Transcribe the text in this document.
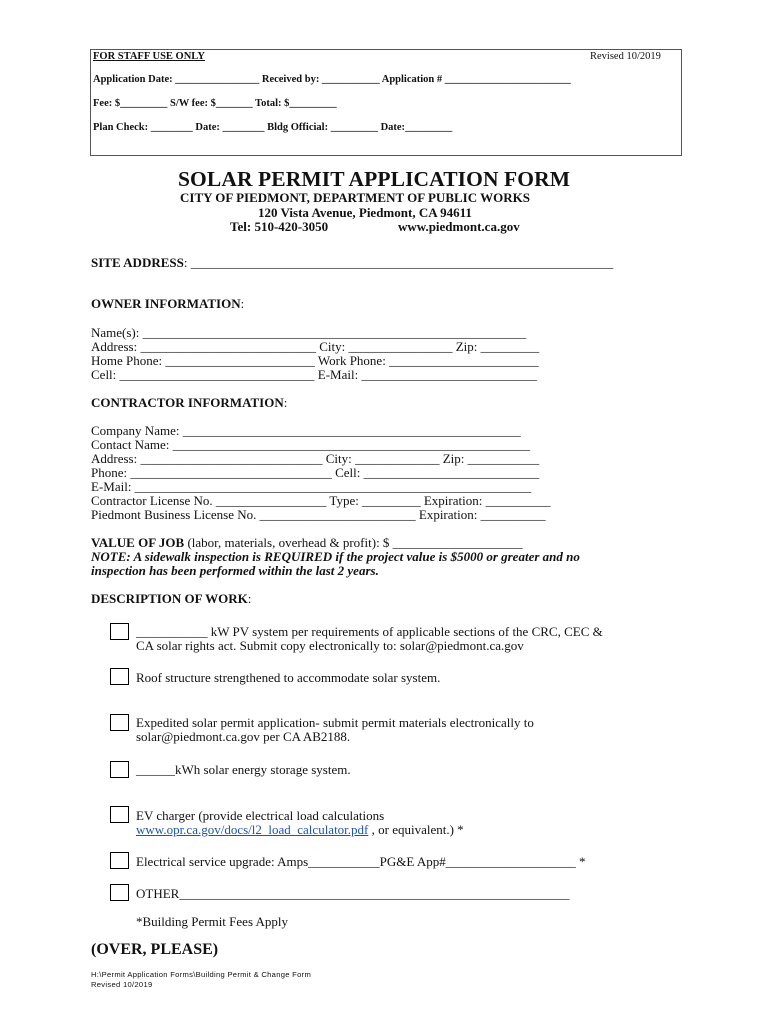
FOR STAFF USE ONLY	Revised 10/2019
Application Date: ________________ Received by: ___________ Application # ________________________
Fee: $_________ S/W fee: $_______ Total: $_________
Plan Check: ________ Date: ________ Bldg Official: _________ Date:_________
SOLAR PERMIT APPLICATION FORM
CITY OF PIEDMONT, DEPARTMENT OF PUBLIC WORKS
120 Vista Avenue, Piedmont, CA 94611
Tel: 510-420-3050	www.piedmont.ca.gov
SITE ADDRESS: _________________________________________________________________
OWNER INFORMATION:
Name(s): ___________________________________________________________
Address: ___________________________ City: ________________ Zip: _________
Home Phone: _______________________ Work Phone: _______________________
Cell: ______________________________ E-Mail: ___________________________
CONTRACTOR INFORMATION:
Company Name: ____________________________________________________
Contact Name: _______________________________________________________
Address: ____________________________ City: _____________ Zip: ___________
Phone: _______________________________ Cell: ___________________________
E-Mail: _____________________________________________________________
Contractor License No. _________________ Type: _________ Expiration: __________
Piedmont Business License No. ________________________ Expiration: __________
VALUE OF JOB (labor, materials, overhead & profit): $ ____________________
NOTE: A sidewalk inspection is REQUIRED if the project value is $5000 or greater and no
inspection has been performed within the last 2 years.
DESCRIPTION OF WORK:
___________ kW PV system per requirements of applicable sections of the CRC, CEC &
CA solar rights act. Submit copy electronically to: solar@piedmont.ca.gov
Roof structure strengthened to accommodate solar system.
Expedited solar permit application- submit permit materials electronically to
solar@piedmont.ca.gov per CA AB2188.
______kWh solar energy storage system.
EV charger (provide electrical load calculations
www.opr.ca.gov/docs/l2_load_calculator.pdf , or equivalent.) *
Electrical service upgrade: Amps___________PG&E App#____________________ *
OTHER____________________________________________________________
*Building Permit Fees Apply
(OVER, PLEASE)
H:\Permit Application Forms\Building Permit & Change Form
Revised 10/2019
